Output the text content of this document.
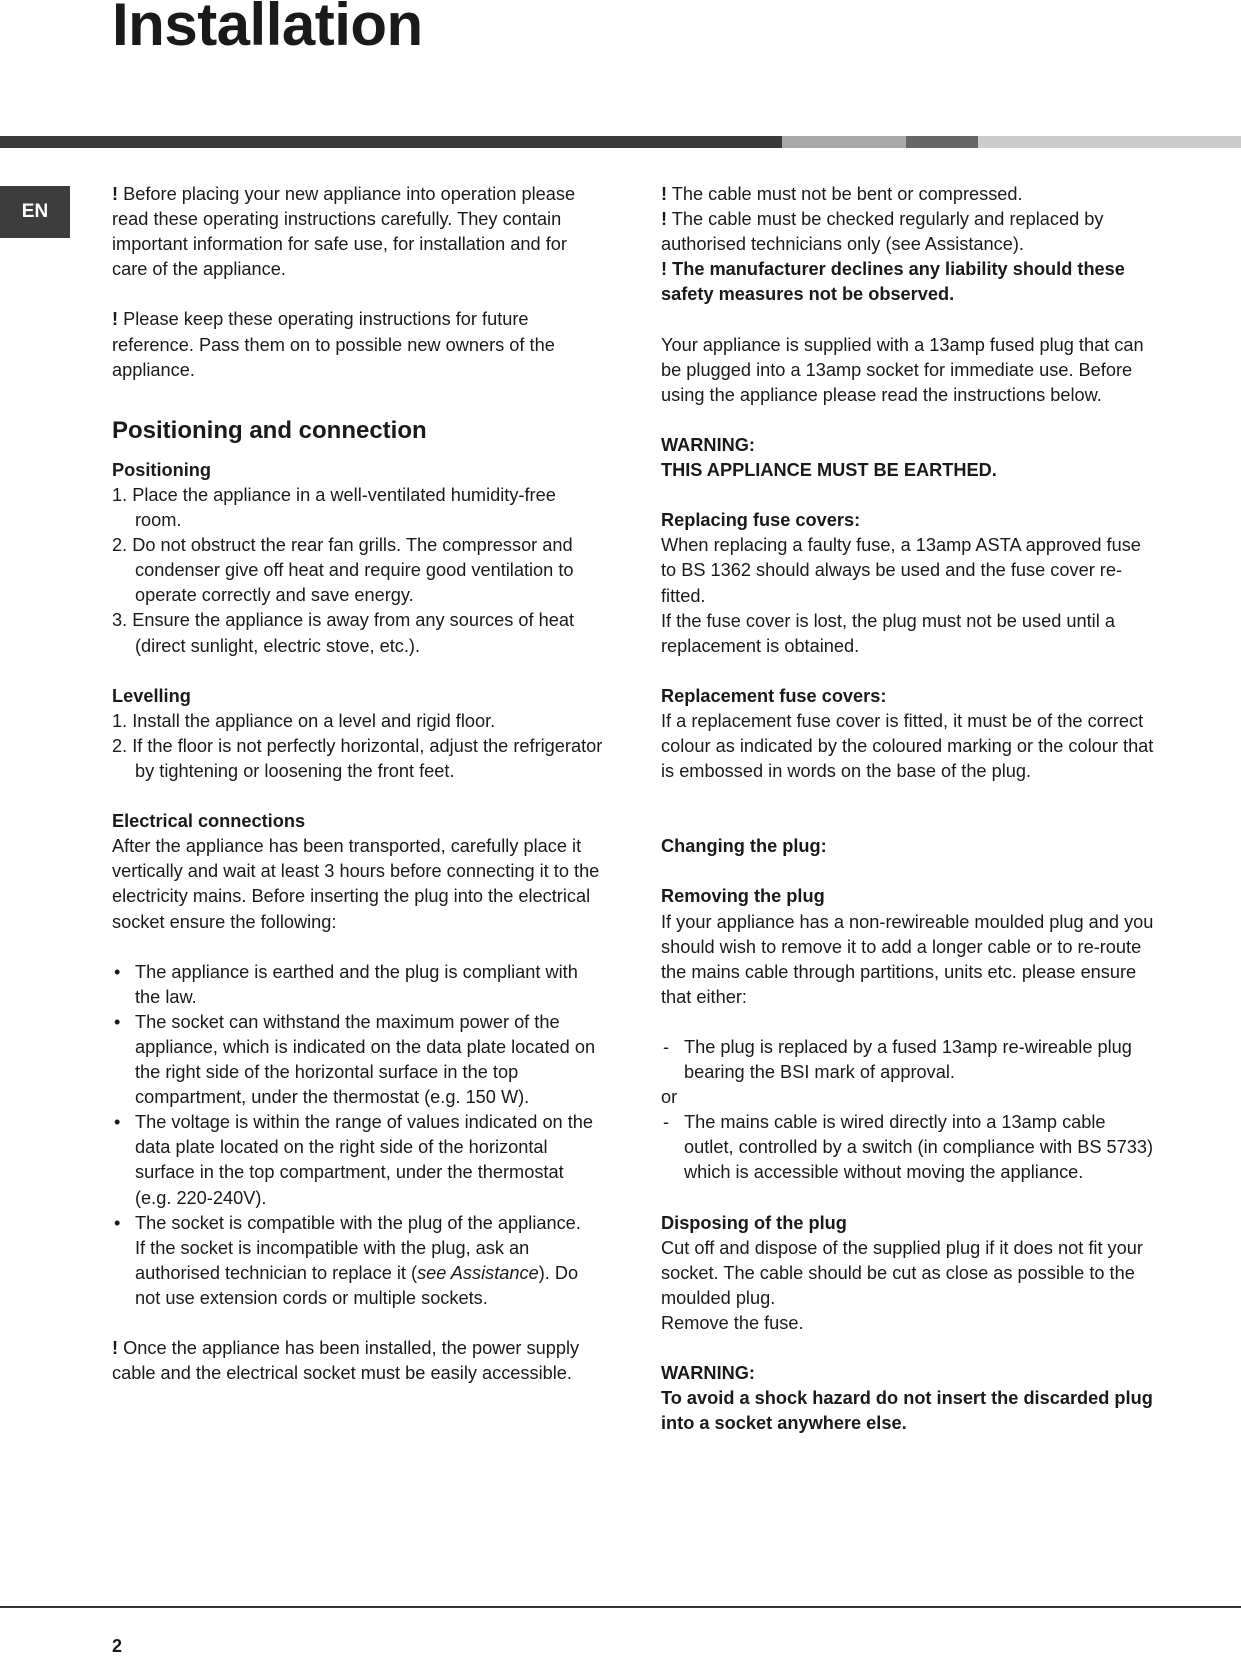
Installation
EN

! Before placing your new appliance into operation please read these operating instructions carefully. They contain important information for safe use, for installation and for care of the appliance.

! Please keep these operating instructions for future reference. Pass them on to possible new owners of the appliance.

Positioning and connection

Positioning

1. Place the appliance in a well-ventilated humidity-free room.

2. Do not obstruct the rear fan grills. The compressor and condenser give off heat and require good ventilation to operate correctly and save energy.

3. Ensure the appliance is away from any sources of heat (direct sunlight, electric stove, etc.).

Levelling

1. Install the appliance on a level and rigid floor.

2. If the floor is not perfectly horizontal, adjust the refrigerator by tightening or loosening the front feet.

Electrical connections

After the appliance has been transported, carefully place it vertically and wait at least 3 hours before connecting it to the electricity mains. Before inserting the plug into the electrical socket ensure the following:

• The appliance is earthed and the plug is compliant with the law.

• The socket can withstand the maximum power of the appliance, which is indicated on the data plate located on the right side of the horizontal surface in the top compartment, under the thermostat (e.g. 150 W).

• The voltage is within the range of values indicated on the data plate located on the right side of the horizontal surface in the top compartment, under the thermostat (e.g. 220-240V).

• The socket is compatible with the plug of the appliance.

If the socket is incompatible with the plug, ask an authorised technician to replace it (see Assistance). Do not use extension cords or multiple sockets.

! Once the appliance has been installed, the power supply cable and the electrical socket must be easily accessible.

! The cable must not be bent or compressed.

! The cable must be checked regularly and replaced by authorised technicians only (see Assistance).

! The manufacturer declines any liability should these safety measures not be observed.

Your appliance is supplied with a 13amp fused plug that can be plugged into a 13amp socket for immediate use. Before using the appliance please read the instructions below.

WARNING:

THIS APPLIANCE MUST BE EARTHED.

Replacing fuse covers:

When replacing a faulty fuse, a 13amp ASTA approved fuse to BS 1362 should always be used and the fuse cover re-fitted.

If the fuse cover is lost, the plug must not be used until a replacement is obtained.

Replacement fuse covers:

If a replacement fuse cover is fitted, it must be of the correct colour as indicated by the coloured marking or the colour that is embossed in words on the base of the plug.

Changing the plug:

Removing the plug

If your appliance has a non-rewireable moulded plug and you should wish to remove it to add a longer cable or to re-route the mains cable through partitions, units etc. please ensure that either:

- The plug is replaced by a fused 13amp re-wireable plug bearing the BSI mark of approval.

or

- The mains cable is wired directly into a 13amp cable outlet, controlled by a switch (in compliance with BS 5733) which is accessible without moving the appliance.

Disposing of the plug

Cut off and dispose of the supplied plug if it does not fit your socket. The cable should be cut as close as possible to the moulded plug.

Remove the fuse.

WARNING:

To avoid a shock hazard do not insert the discarded plug into a socket anywhere else.

2
